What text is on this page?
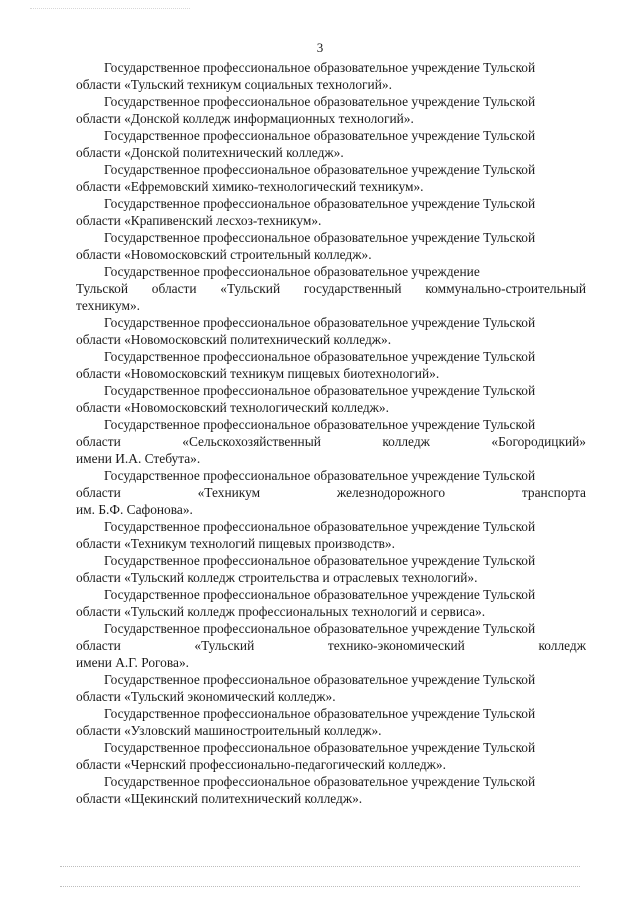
3

Государственное профессиональное образовательное учреждение Тульской
области «Тульский техникум социальных технологий».

Государственное профессиональное образовательное учреждение Тульской
области «Донской колледж информационных технологий».

Государственное профессиональное образовательное учреждение Тульской
области «Донской политехнический колледж».

Государственное профессиональное образовательное учреждение Тульской
области «Ефремовский химико-технологический техникум».

Государственное профессиональное образовательное учреждение Тульской
области «Крапивенский лесхоз-техникум».

Государственное профессиональное образовательное учреждение Тульской
области «Новомосковский строительный колледж».

Государственное профессиональное образовательное учреждение
Тульской области «Тульский государственный коммунально-строительный
техникум».

Государственное профессиональное образовательное учреждение Тульской
области «Новомосковский политехнический колледж».

Государственное профессиональное образовательное учреждение Тульской
области «Новомосковский техникум пищевых биотехнологий».

Государственное профессиональное образовательное учреждение Тульской
области «Новомосковский технологический колледж».

Государственное профессиональное образовательное учреждение Тульской
области «Сельскохозяйственный колледж «Богородицкий»
имени И.А. Стебута».

Государственное профессиональное образовательное учреждение Тульской
области «Техникум железнодорожного транспорта
им. Б.Ф. Сафонова».

Государственное профессиональное образовательное учреждение Тульской
области «Техникум технологий пищевых производств».

Государственное профессиональное образовательное учреждение Тульской
области «Тульский колледж строительства и отраслевых технологий».

Государственное профессиональное образовательное учреждение Тульской
области «Тульский колледж профессиональных технологий и сервиса».

Государственное профессиональное образовательное учреждение Тульской
области «Тульский технико-экономический колледж
имени А.Г. Рогова».

Государственное профессиональное образовательное учреждение Тульской
области «Тульский экономический колледж».

Государственное профессиональное образовательное учреждение Тульской
области «Узловский машиностроительный колледж».

Государственное профессиональное образовательное учреждение Тульской
области «Чернский профессионально-педагогический колледж».

Государственное профессиональное образовательное учреждение Тульской
области «Щекинский политехнический колледж».
